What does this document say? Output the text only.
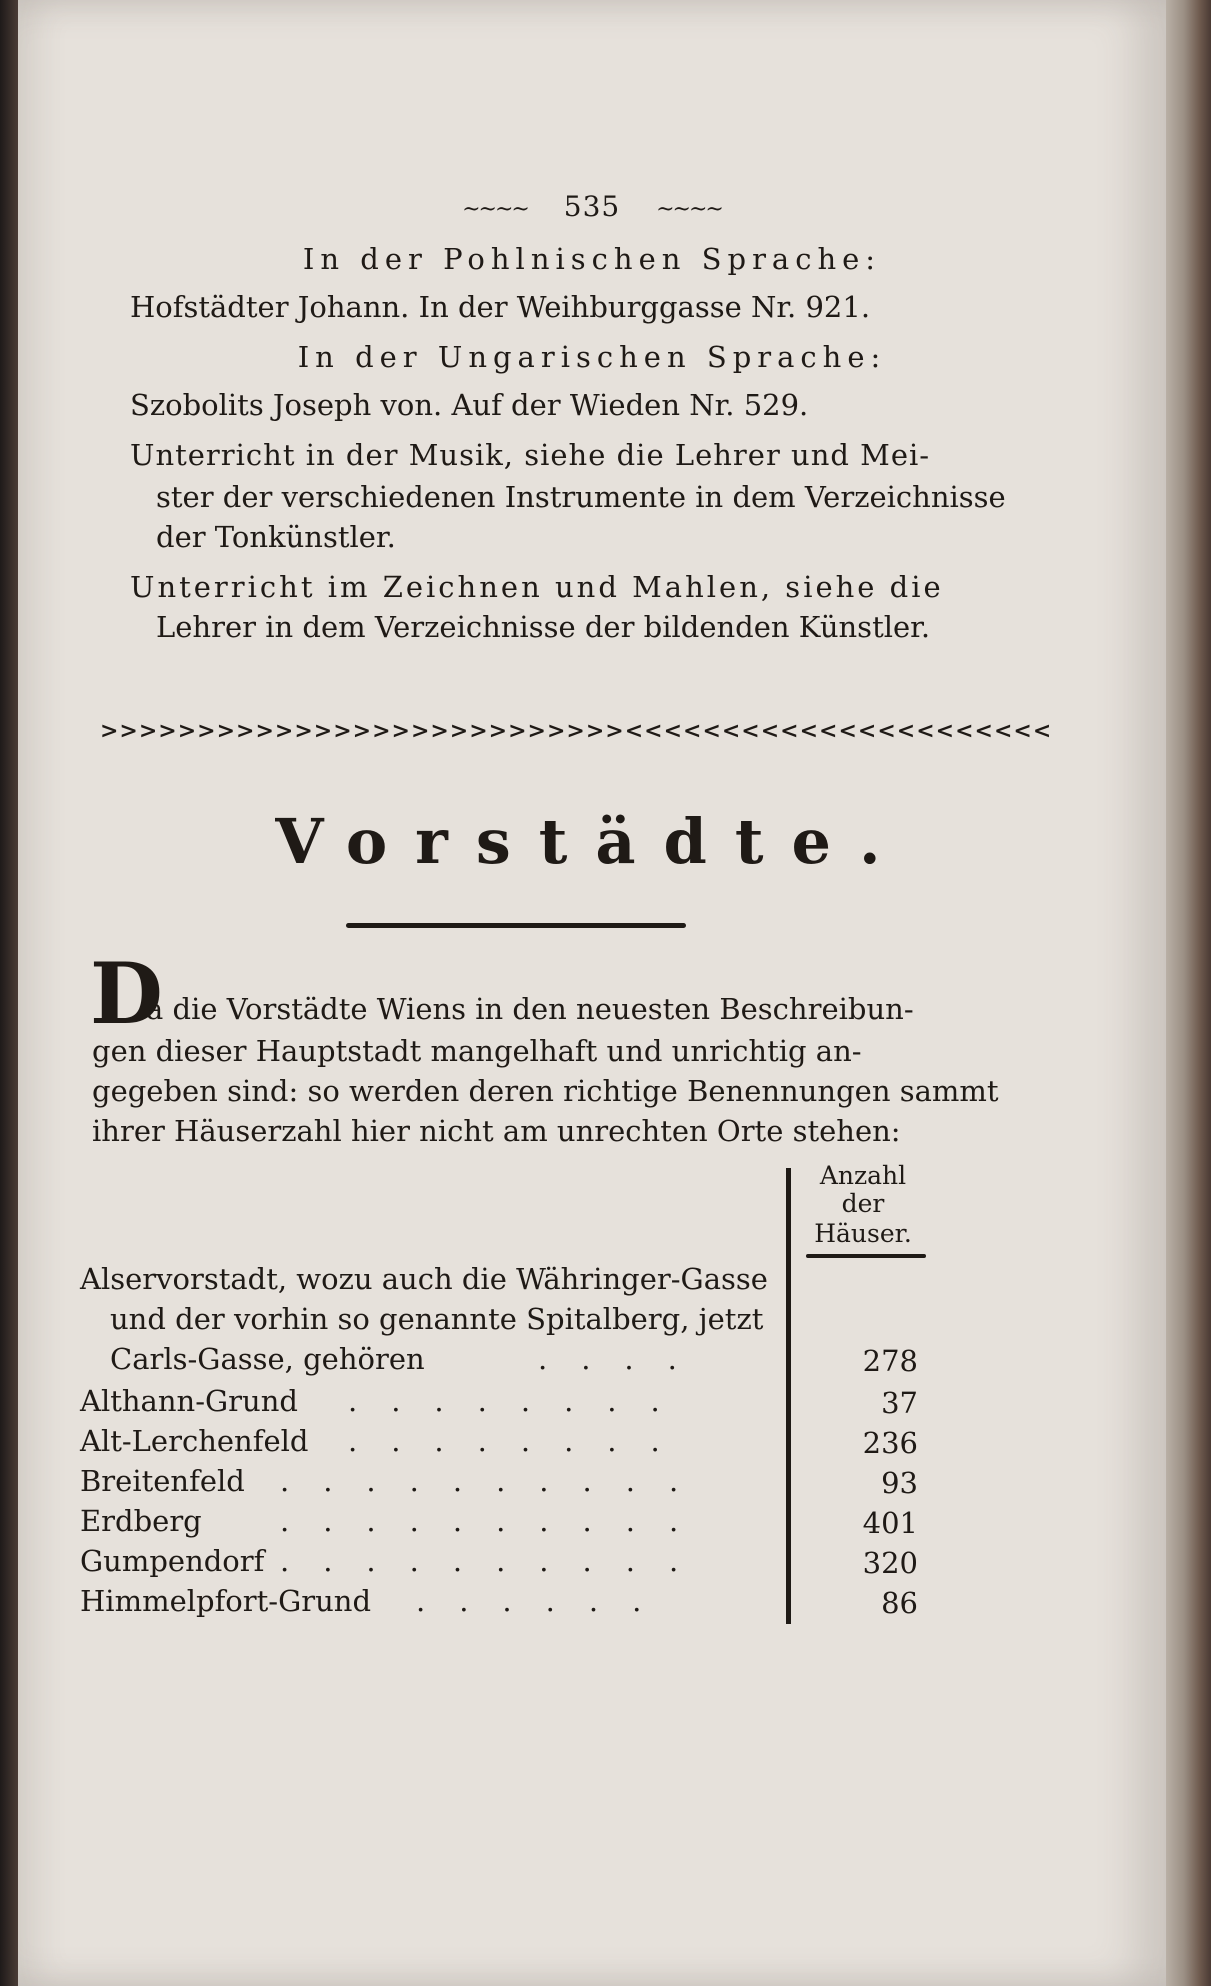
~~~~ 535 ~~~~
In der Pohlnischen Sprache:
Hofstädter Johann. In der Weihburggasse Nr. 921.
In der Ungarischen Sprache:
Szobolits Joseph von. Auf der Wieden Nr. 529.
Unterricht in der Musik, siehe die Lehrer und Mei-
ster der verschiedenen Instrumente in dem Verzeichnisse
der Tonkünstler.
Unterricht im Zeichnen und Mahlen, siehe die
Lehrer in dem Verzeichnisse der bildenden Künstler.
>>>>>>>>>>>>>>>>>>>>>>>>>>><<<<<<<<<<<<<<<<<<<<<<
Vorstädte.
D
a die Vorstädte Wiens in den neuesten Beschreibun-
gen dieser Hauptstadt mangelhaft und unrichtig an-
gegeben sind: so werden deren richtige Benennungen sammt
ihrer Häuserzahl hier nicht am unrechten Orte stehen:
Anzahl
der
Häuser.
Alservorstadt, wozu auch die Währinger-Gasse
und der vorhin so genannte Spitalberg, jetzt
Carls-Gasse, gehören	....	278
Althann-Grund ........	37
Alt-Lerchenfeld ........	236
Breitenfeld ..........	93
Erdberg	..........	401
Gumpendorf ..........	320
Himmelpfort-Grund ......	86
